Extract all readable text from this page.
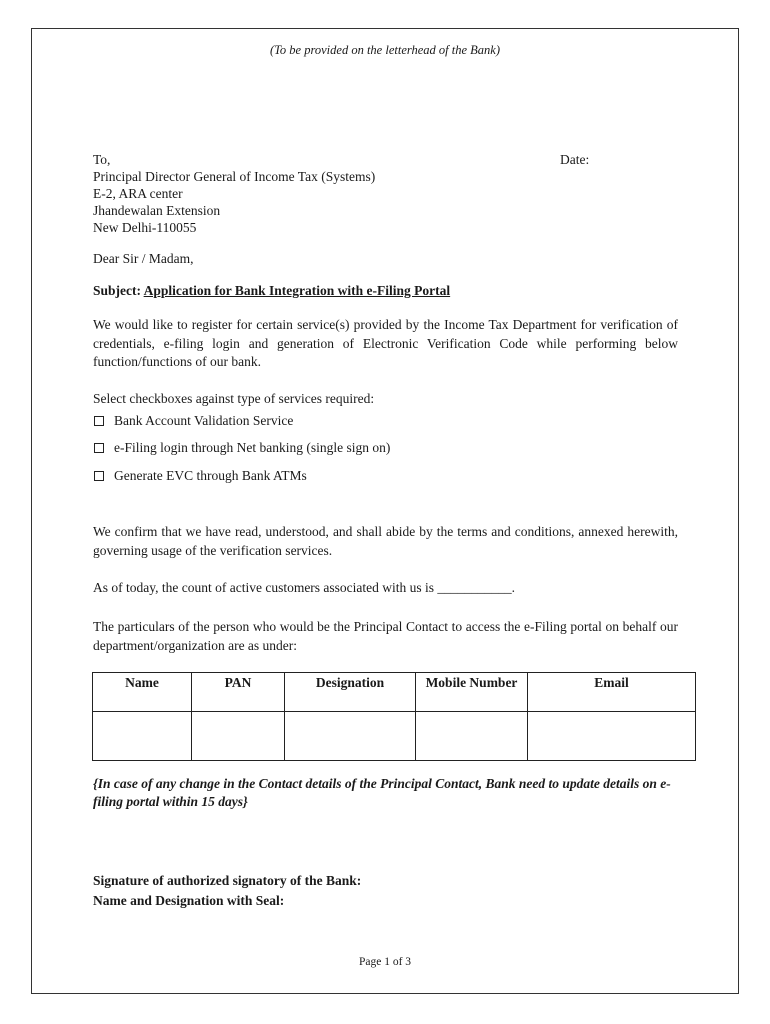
(To be provided on the letterhead of the Bank)

To,
Principal Director General of Income Tax (Systems)
E-2, ARA center
Jhandewalan Extension
New Delhi-110055
Date:
Dear Sir / Madam,
Subject: Application for Bank Integration with e-Filing Portal

We would like to register for certain service(s) provided by the Income Tax Department for verification of credentials, e-filing login and generation of Electronic Verification Code while performing below function/functions of our bank.

Select checkboxes against type of services required:
Bank Account Validation Service
e-Filing login through Net banking (single sign on)
Generate EVC through Bank ATMs

We confirm that we have read, understood, and shall abide by the terms and conditions, annexed herewith, governing usage of the verification services.

As of today, the count of active customers associated with us is ___________.

The particulars of the person who would be the Principal Contact to access the e-Filing portal on behalf our department/organization are as under:

Name	PAN	Designation	Mobile Number	Email

{In case of any change in the Contact details of the Principal Contact, Bank need to update details on e-filing portal within 15 days}

Signature of authorized signatory of the Bank:
Name and Designation with Seal:
Page 1 of 3
